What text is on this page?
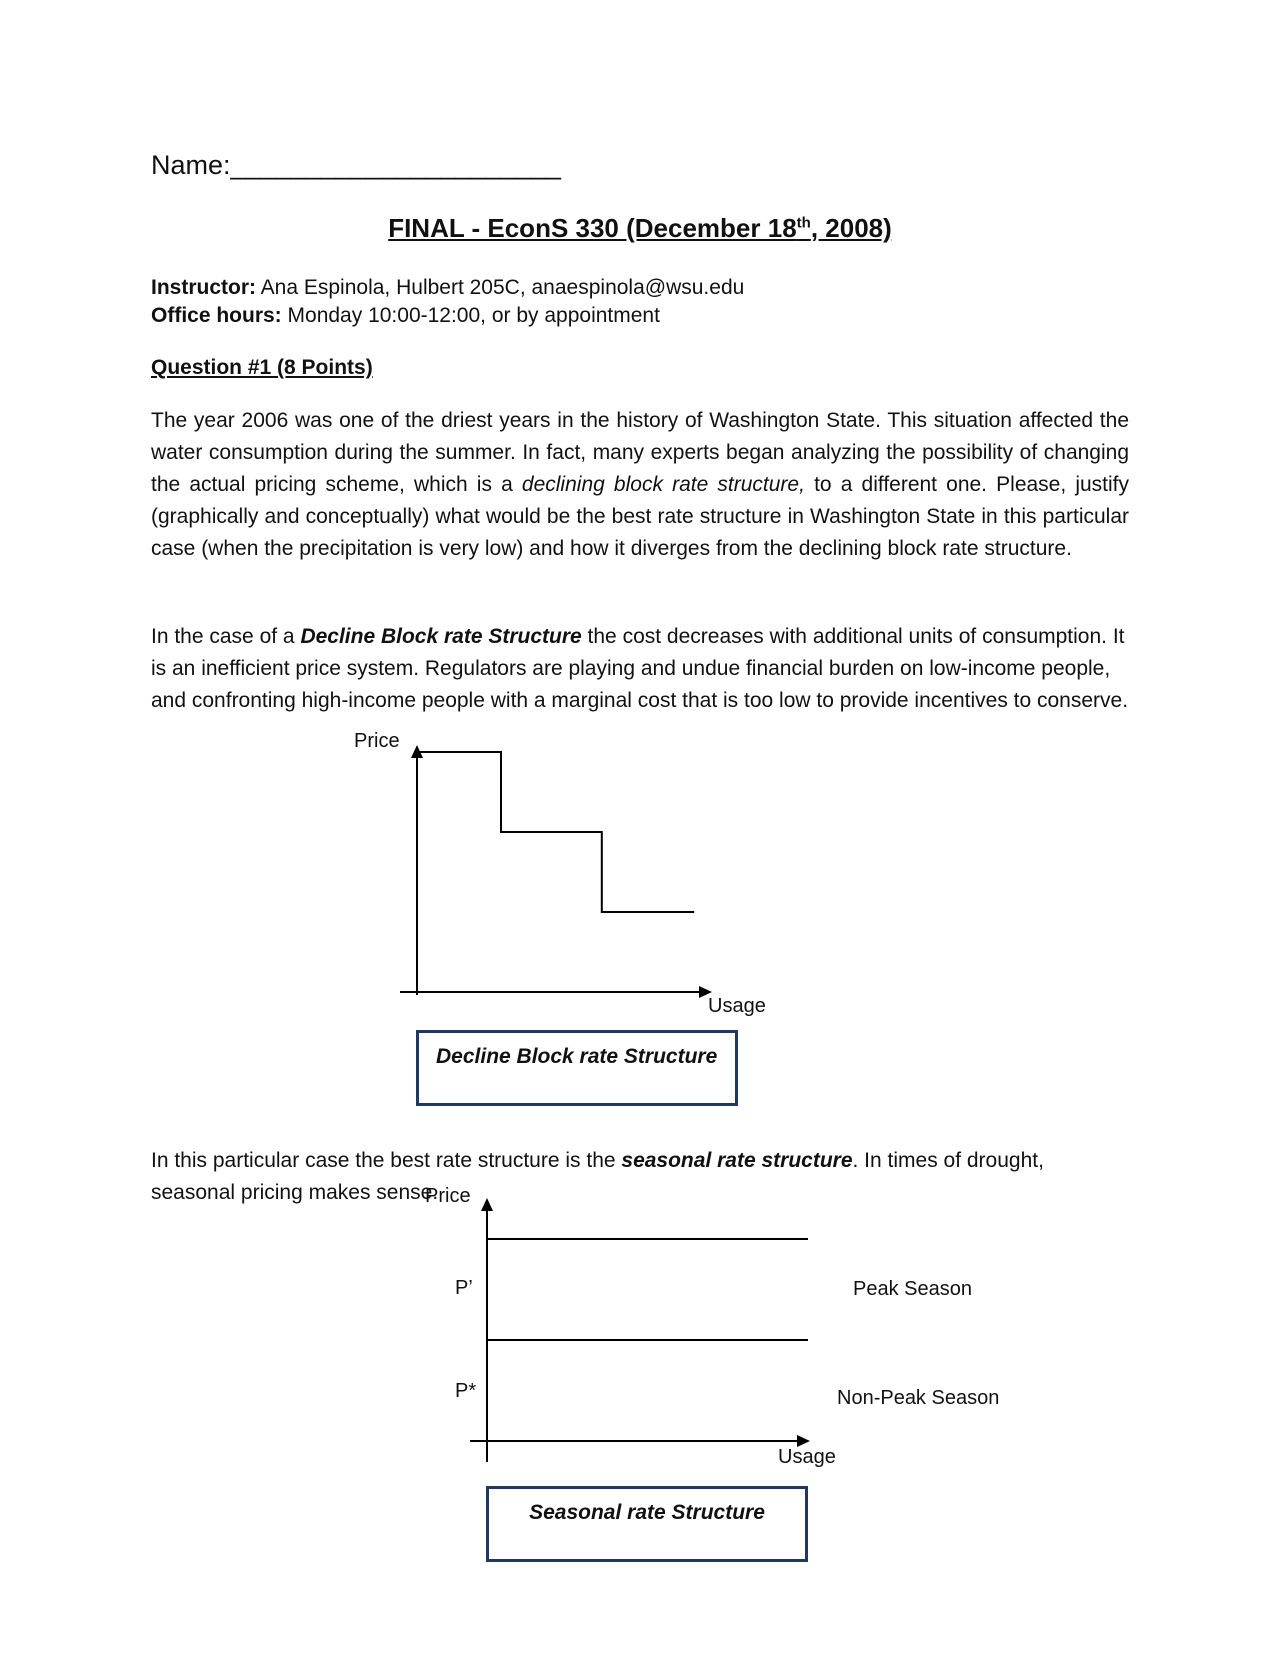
Name:______________________
FINAL - EconS 330 (December 18th, 2008)
Instructor: Ana Espinola, Hulbert 205C, anaespinola@wsu.edu
Office hours: Monday 10:00-12:00, or by appointment
Question #1 (8 Points)
The year 2006 was one of the driest years in the history of Washington State. This situation affected the water consumption during the summer. In fact, many experts began analyzing the possibility of changing the actual pricing scheme, which is a declining block rate structure, to a different one. Please, justify (graphically and conceptually) what would be the best rate structure in Washington State in this particular case (when the precipitation is very low) and how it diverges from the declining block rate structure.
In the case of a Decline Block rate Structure the cost decreases with additional units of consumption. It is an inefficient price system. Regulators are playing and undue financial burden on low-income people, and confronting high-income people with a marginal cost that is too low to provide incentives to conserve.
In this particular case the best rate structure is the seasonal rate structure. In times of drought, seasonal pricing makes sense.
Price
Usage
Decline Block rate Structure
Price
Usage
P’
P*
Peak Season
Non-Peak Season
Seasonal rate Structure
